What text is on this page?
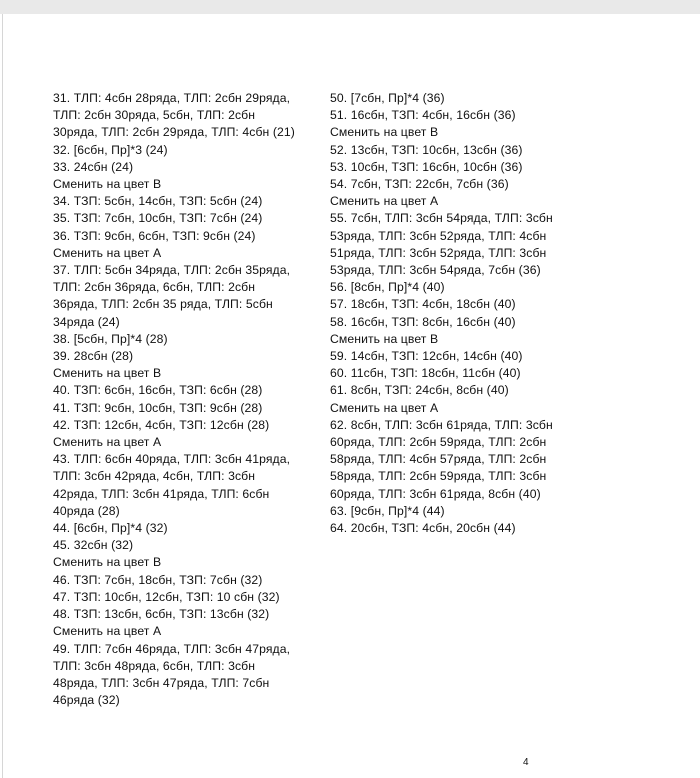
31. ТЛП: 4сбн 28ряда, ТЛП: 2сбн 29ряда,
ТЛП: 2сбн 30ряда, 5сбн, ТЛП: 2сбн
30ряда, ТЛП: 2сбн 29ряда, ТЛП: 4сбн (21)
32. [6сбн, Пр]*3 (24)
33. 24сбн (24)
Сменить на цвет В
34. ТЗП: 5сбн, 14сбн, ТЗП: 5сбн (24)
35. ТЗП: 7сбн, 10сбн, ТЗП: 7сбн (24)
36. ТЗП: 9сбн, 6сбн, ТЗП: 9сбн (24)
Сменить на цвет А
37. ТЛП: 5сбн 34ряда, ТЛП: 2сбн 35ряда,
ТЛП: 2сбн 36ряда, 6сбн, ТЛП: 2сбн
36ряда, ТЛП: 2сбн 35 ряда, ТЛП: 5сбн
34ряда (24)
38. [5сбн, Пр]*4 (28)
39. 28сбн (28)
Сменить на цвет В
40. ТЗП: 6сбн, 16сбн, ТЗП: 6сбн (28)
41. ТЗП: 9сбн, 10сбн, ТЗП: 9сбн (28)
42. ТЗП: 12сбн, 4сбн, ТЗП: 12сбн (28)
Сменить на цвет А
43. ТЛП: 6сбн 40ряда, ТЛП: 3сбн 41ряда,
ТЛП: 3сбн 42ряда, 4сбн, ТЛП: 3сбн
42ряда, ТЛП: 3сбн 41ряда, ТЛП: 6сбн
40ряда (28)
44. [6сбн, Пр]*4 (32)
45. 32сбн (32)
Сменить на цвет В
46. ТЗП: 7сбн, 18сбн, ТЗП: 7сбн (32)
47. ТЗП: 10сбн, 12сбн, ТЗП: 10 сбн (32)
48. ТЗП: 13сбн, 6сбн, ТЗП: 13сбн (32)
Сменить на цвет А
49. ТЛП: 7сбн 46ряда, ТЛП: 3сбн 47ряда,
ТЛП: 3сбн 48ряда, 6сбн, ТЛП: 3сбн
48ряда, ТЛП: 3сбн 47ряда, ТЛП: 7сбн
46ряда (32)
50. [7сбн, Пр]*4 (36)
51. 16сбн, ТЗП: 4сбн, 16сбн (36)
Сменить на цвет В
52. 13сбн, ТЗП: 10сбн, 13сбн (36)
53. 10сбн, ТЗП: 16сбн, 10сбн (36)
54. 7сбн, ТЗП: 22сбн, 7сбн (36)
Сменить на цвет А
55. 7сбн, ТЛП: 3сбн 54ряда, ТЛП: 3сбн
53ряда, ТЛП: 3сбн 52ряда, ТЛП: 4сбн
51ряда, ТЛП: 3сбн 52ряда, ТЛП: 3сбн
53ряда, ТЛП: 3сбн 54ряда, 7сбн (36)
56. [8сбн, Пр]*4 (40)
57. 18сбн, ТЗП: 4сбн, 18сбн (40)
58. 16сбн, ТЗП: 8сбн, 16сбн (40)
Сменить на цвет В
59. 14сбн, ТЗП: 12сбн, 14сбн (40)
60. 11сбн, ТЗП: 18сбн, 11сбн (40)
61. 8сбн, ТЗП: 24сбн, 8сбн (40)
Сменить на цвет А
62. 8сбн, ТЛП: 3сбн 61ряда, ТЛП: 3сбн
60ряда, ТЛП: 2сбн 59ряда, ТЛП: 2сбн
58ряда, ТЛП: 4сбн 57ряда, ТЛП: 2сбн
58ряда, ТЛП: 2сбн 59ряда, ТЛП: 3сбн
60ряда, ТЛП: 3сбн 61ряда, 8сбн (40)
63. [9сбн, Пр]*4 (44)
64. 20сбн, ТЗП: 4сбн, 20сбн (44)
4
